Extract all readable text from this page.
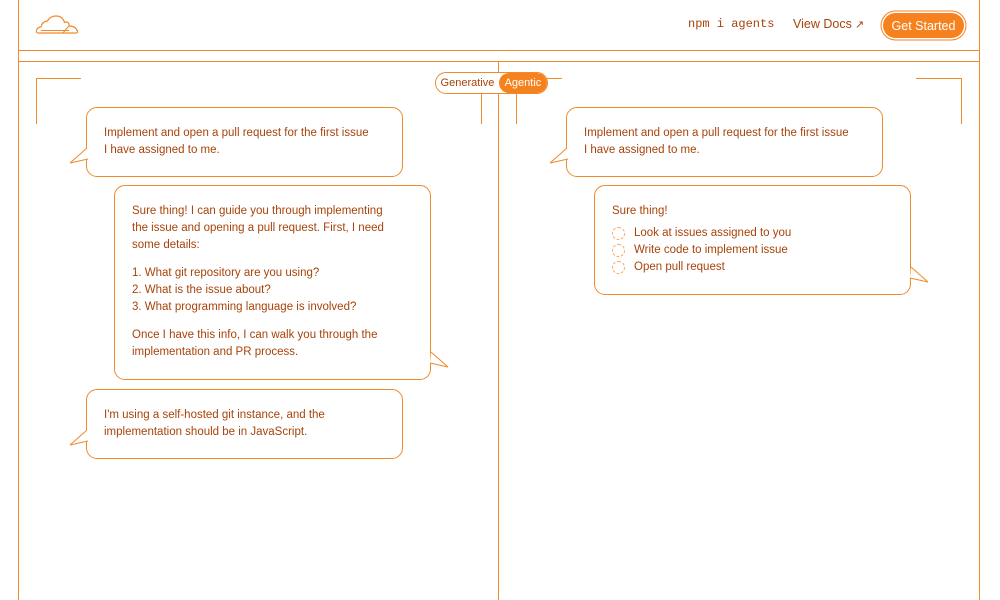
npm i agents View Docs ↗	Get Started
Generative Agentic

Implement and open a pull request for the first issue

I have assigned to me.

Sure thing! I can guide you through implementing

the issue and opening a pull request. First, I need

some details:

1. What git repository are you using?

2. What is the issue about?

3. What programming language is involved?

Once I have this info, I can walk you through the

implementation and PR process.

I'm using a self-hosted git instance, and the

implementation should be in JavaScript.

Implement and open a pull request for the first issue

I have assigned to me.

Sure thing!

Look at issues assigned to you
Write code to implement issue
Open pull request
